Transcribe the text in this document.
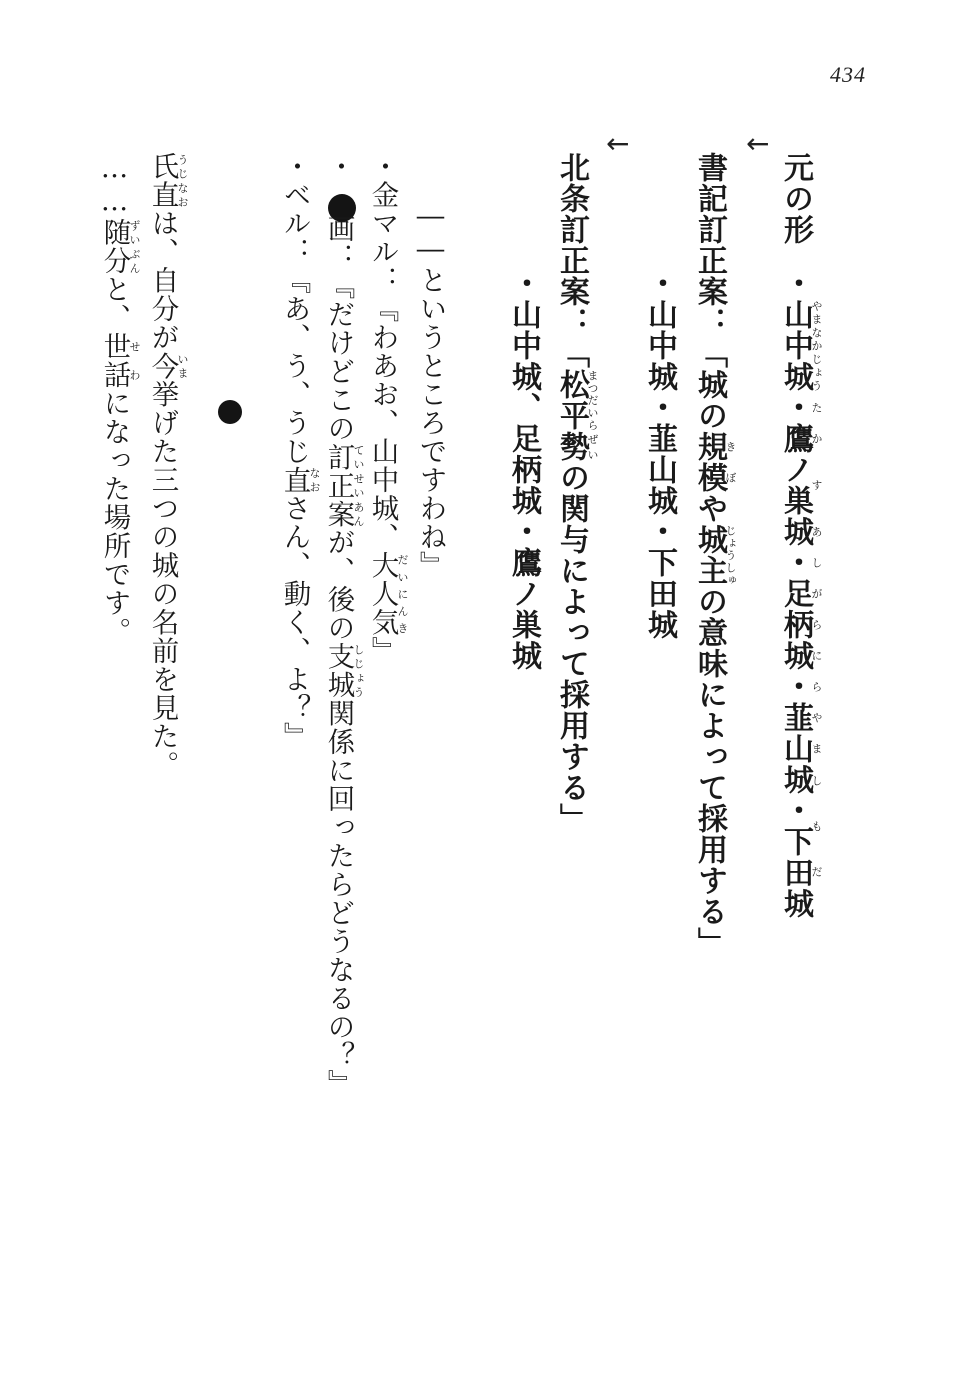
434
元の形
・山中城やまなかじょう・鷹たかノ巣す城・足柄あしがら城・韮山にらやま城・下田しもだ城
←
書記訂正案：「城の規模きぼや城主じょうしゅの意味によって採用する」
・山中城・韮山城・下田城
←
北条訂正案：「松平まつだいら勢ぜいの関与によって採用する」
・山中城、足柄城・鷹ノ巣城
――というところですわね』
・金マル：『わあお、山中城、大人気だいにんき』
・画：『だけどこの訂正案ていせいあんが、後の支城しじょう関係に回ったらどうなるの？』
・ベル：『あ、う、うじ直なおさん、動く、よ？』
氏直うじなおは、自分が今いま挙げた三つの城の名前を見た。
……随分ずいぶんと、世話せわになった場所です。
